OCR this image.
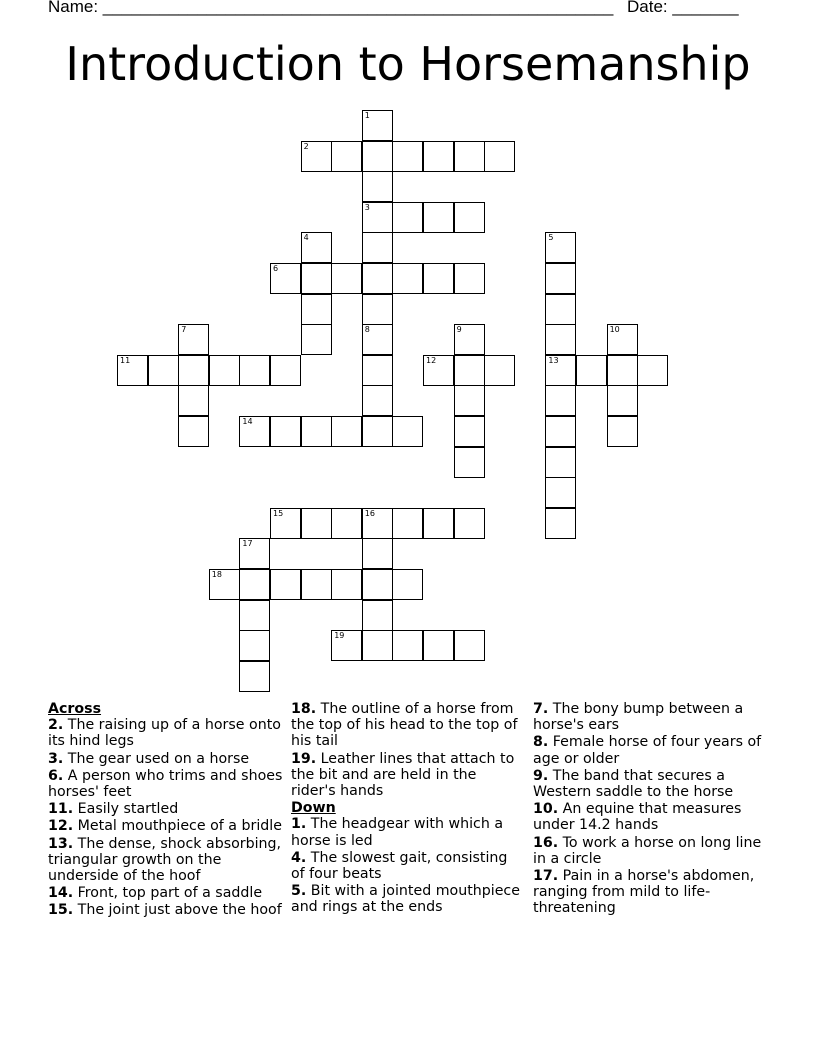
Name: ______________________________________________________ Date: _______
Introduction to Horsemanship
2
3
6
11	12	13
14
15	16
18
19
1
4	5
7	8	9	10
17
Across
2. The raising up of a horse onto its hind legs
3. The gear used on a horse
6. A person who trims and shoes horses' feet
11. Easily startled
12. Metal mouthpiece of a bridle
13. The dense, shock absorbing, triangular growth on the underside of the hoof
14. Front, top part of a saddle
15. The joint just above the hoof
18. The outline of a horse from the top of his head to the top of his tail
19. Leather lines that attach to the bit and are held in the rider's hands
Down
1. The headgear with which a horse is led
4. The slowest gait, consisting of four beats
5. Bit with a jointed mouthpiece and rings at the ends
7. The bony bump between a horse's ears
8. Female horse of four years of age or older
9. The band that secures a Western saddle to the horse
10. An equine that measures under 14.2 hands
16. To work a horse on long line in a circle
17. Pain in a horse's abdomen, ranging from mild to life-threatening
